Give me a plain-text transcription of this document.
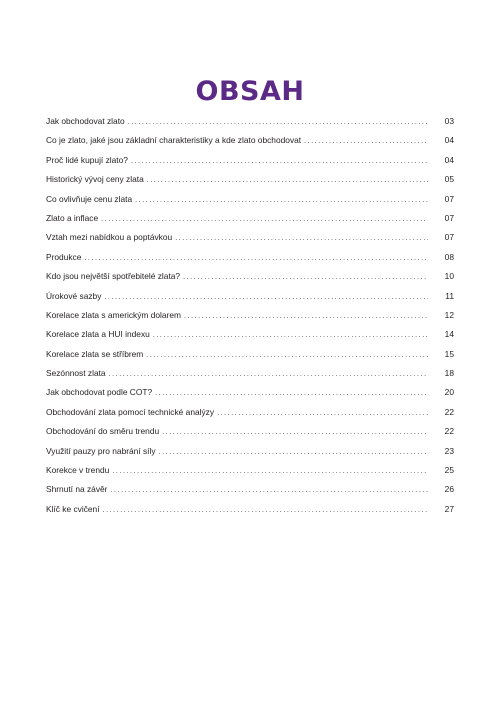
OBSAH
Jak obchodovat zlato .....	03
Co je zlato, jaké jsou základní charakteristiky a kde zlato obchodovat .....	04
Proč lidé kupují zlato? .....	04
Historický vývoj ceny zlata .....	05
Co ovlivňuje cenu zlata .....	07
Zlato a inflace .....	07
Vztah mezi nabídkou a poptávkou .....	07
Produkce .....	08
Kdo jsou největší spotřebitelé zlata? .....	10
Úrokové sazby .....	11
Korelace zlata s americkým dolarem .....	12
Korelace zlata a HUI indexu .....	14
Korelace zlata se stříbrem .....	15
Sezónnost zlata .....	18
Jak obchodovat podle COT? .....	20
Obchodování zlata pomocí technické analýzy .....	22
Obchodování do směru trendu .....	22
Využití pauzy pro nabrání síly .....	23
Korekce v trendu .....	25
Shrnutí na závěr .....	26
Klíč ke cvičení .....	27
